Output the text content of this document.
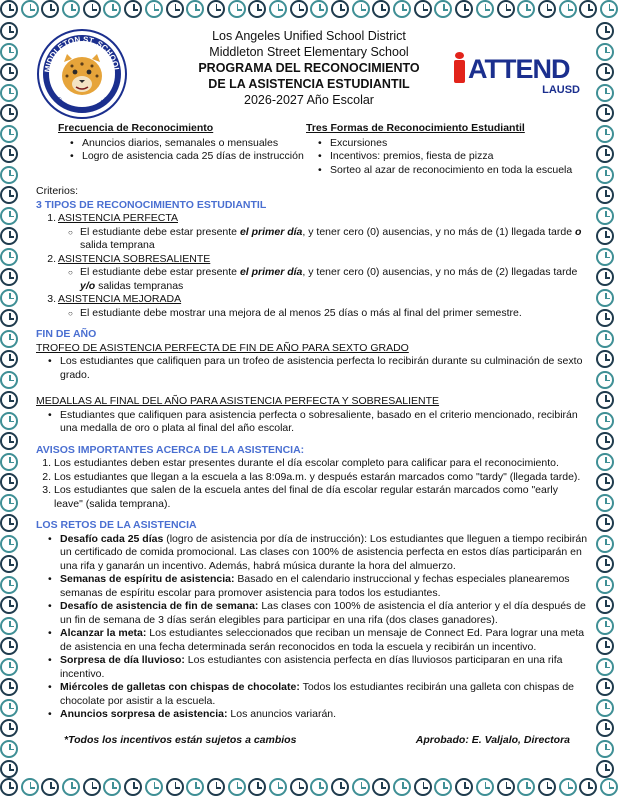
MIDDLETON ST. SCHOOL
On the Road to Knowledge
Los Angeles Unified School District
Middleton Street Elementary School
PROGRAMA DEL RECONOCIMIENTO
DE LA ASISTENCIA ESTUDIANTIL
2026-2027 Año Escolar
ATTEND
LAUSD
Frecuencia de Reconocimiento
• Anuncios diarios, semanales o mensuales
• Logro de asistencia cada 25 días de instrucción
Tres Formas de Reconocimiento Estudiantil
• Excursiones
• Incentivos: premios, fiesta de pizza
• Sorteo al azar de reconocimiento en toda la escuela
Criterios:
3 TIPOS DE RECONOCIMIENTO ESTUDIANTIL
1. ASISTENCIA PERFECTA
○ El estudiante debe estar presente el primer día, y tener cero (0) ausencias, y no más de (1) llegada tarde o salida temprana
2. ASISTENCIA SOBRESALIENTE
○ El estudiante debe estar presente el primer día, y tener cero (0) ausencias, y no más de (2) llegadas tarde y/o salidas tempranas
3. ASISTENCIA MEJORADA
○ El estudiante debe mostrar una mejora de al menos 25 días o más al final del primer semestre.
FIN DE AÑO
TROFEO DE ASISTENCIA PERFECTA DE FIN DE AÑO PARA SEXTO GRADO
• Los estudiantes que califiquen para un trofeo de asistencia perfecta lo recibirán durante su culminación de sexto grado.
MEDALLAS AL FINAL DEL AÑO PARA ASISTENCIA PERFECTA Y SOBRESALIENTE
• Estudiantes que califiquen para asistencia perfecta o sobresaliente, basado en el criterio mencionado, recibirán una medalla de oro o plata al final del año escolar.
AVISOS IMPORTANTES ACERCA DE LA ASISTENCIA:
1. Los estudiantes deben estar presentes durante el día escolar completo para calificar para el reconocimiento.
2. Los estudiantes que llegan a la escuela a las 8:09a.m. y después estarán marcados como "tardy" (llegada tarde).
3. Los estudiantes que salen de la escuela antes del final de día escolar regular estarán marcados como "early leave" (salida temprana).
LOS RETOS DE LA ASISTENCIA
• Desafío cada 25 días (logro de asistencia por día de instrucción): Los estudiantes que lleguen a tiempo recibirán un certificado de comida promocional. Las clases con 100% de asistencia perfecta en estos días participarán en una rifa y ganarán un incentivo. Además, habrá música durante la hora del almuerzo.
• Semanas de espíritu de asistencia: Basado en el calendario instruccional y fechas especiales planearemos semanas de espíritu escolar para promover asistencia para todos los estudiantes.
• Desafío de asistencia de fin de semana: Las clases con 100% de asistencia el día anterior y el día después de un fin de semana de 3 días serán elegibles para participar en una rifa (dos clases ganadores).
• Alcanzar la meta: Los estudiantes seleccionados que reciban un mensaje de Connect Ed. Para lograr una meta de asistencia en una fecha determinada serán reconocidos en toda la escuela y recibirán un incentivo.
• Sorpresa de día lluvioso: Los estudiantes con asistencia perfecta en días lluviosos participaran en una rifa incentivo.
• Miércoles de galletas con chispas de chocolate: Todos los estudiantes recibirán una galleta con chispas de chocolate por asistir a la escuela.
• Anuncios sorpresa de asistencia: Los anuncios variarán.
*Todos los incentivos están sujetos a cambios	Aprobado: E. Valjalo, Directora
